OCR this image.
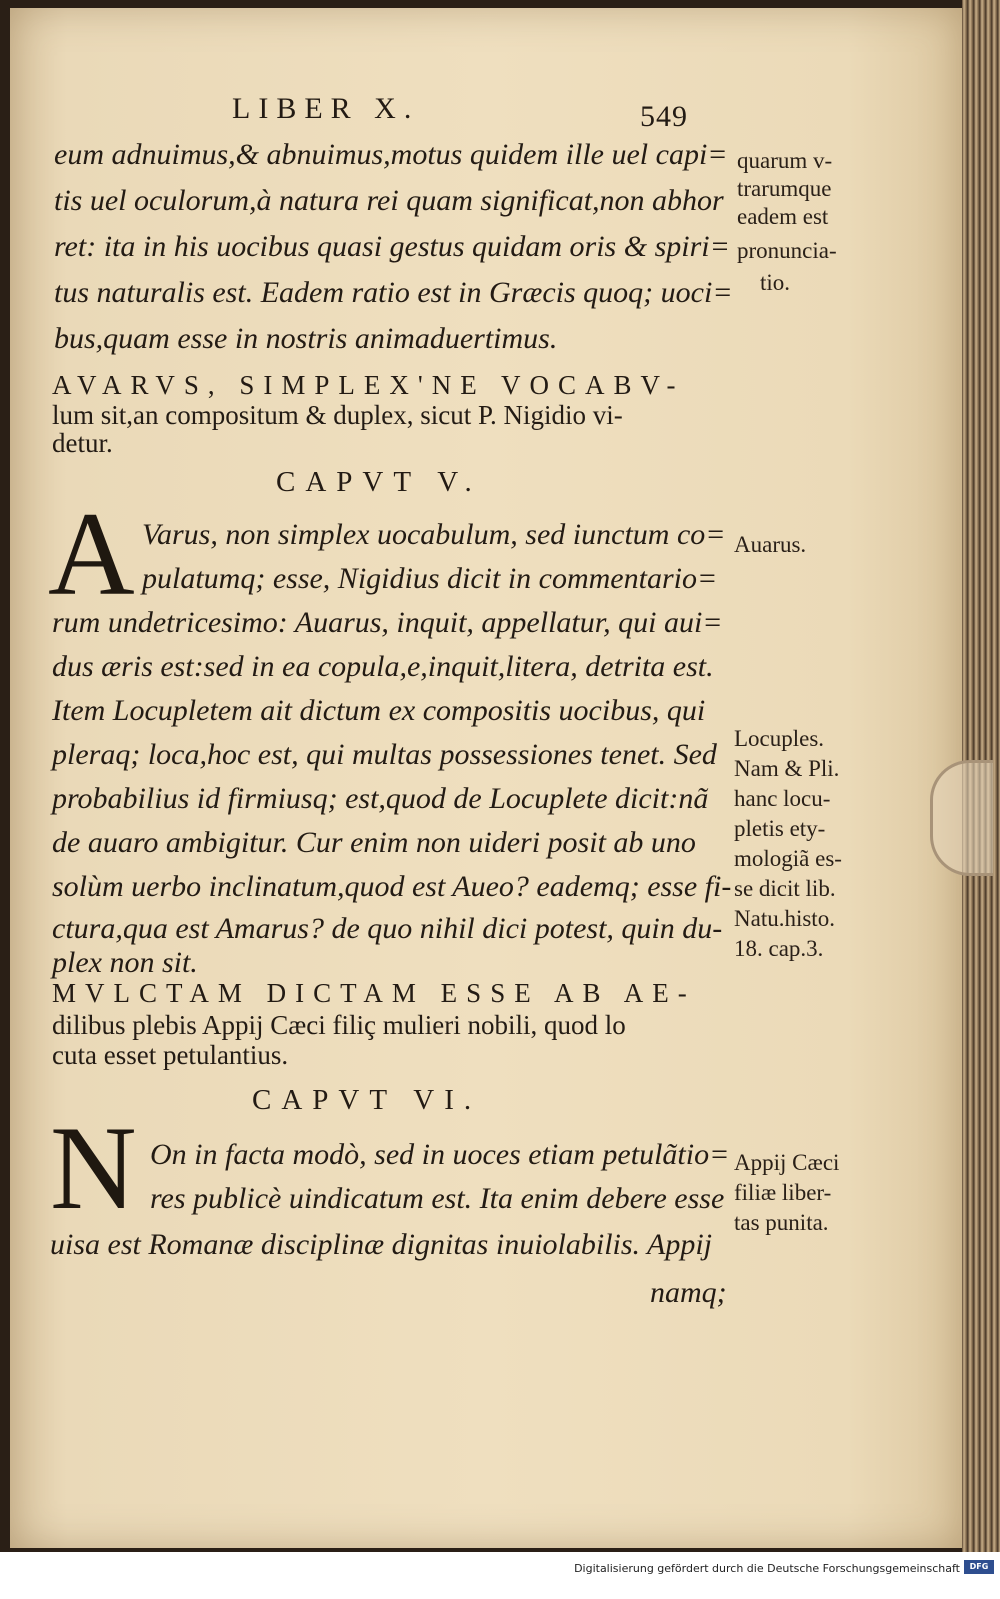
LIBER X.	549
eum adnuimus,& abnuimus,motus quidem ille uel capi=
tis uel oculorum,à natura rei quam significat,non abhor
ret: ita in his uocibus quasi gestus quidam oris & spiri=
tus naturalis est. Eadem ratio est in Græcis quoq; uoci=
bus,quam esse in nostris animaduertimus.
quarum v-
trarumque
eadem est
pronuncia-
tio.
AVARVS, SIMPLEX'NE VOCABV-
lum sit,an compositum & duplex, sicut P. Nigidio vi-
detur.
CAPVT V.
A Varus, non simplex uocabulum, sed iunctum co=
pulatumq; esse, Nigidius dicit in commentario=
rum undetricesimo: Auarus, inquit, appellatur, qui aui=
dus æris est:sed in ea copula,e,inquit,litera, detrita est.
Item Locupletem ait dictum ex compositis uocibus, qui
pleraq; loca,hoc est, qui multas possessiones tenet. Sed
probabilius id firmiusq; est,quod de Locuplete dicit:nã
de auaro ambigitur. Cur enim non uideri posit ab uno
solùm uerbo inclinatum,quod est Aueo? eademq; esse fi-
ctura,qua est Amarus? de quo nihil dici potest, quin du-
plex non sit.
Auarus.
Locuples.
Nam & Pli.
hanc locu-
pletis ety-
mologiã es-
se dicit lib.
Natu.histo.
18. cap.3.
MVLCTAM DICTAM ESSE AB AE-
dilibus plebis Appij Cæci filiç mulieri nobili, quod lo
cuta esset petulantius.
CAPVT VI.
N On in facta modò, sed in uoces etiam petulãtio=
res publicè uindicatum est. Ita enim debere esse
uisa est Romanæ disciplinæ dignitas inuiolabilis. Appij
namq;
Appij Cæci
filiæ liber-
tas punita.
Digitalisierung gefördert durch die Deutsche Forschungsgemeinschaft	DFG
